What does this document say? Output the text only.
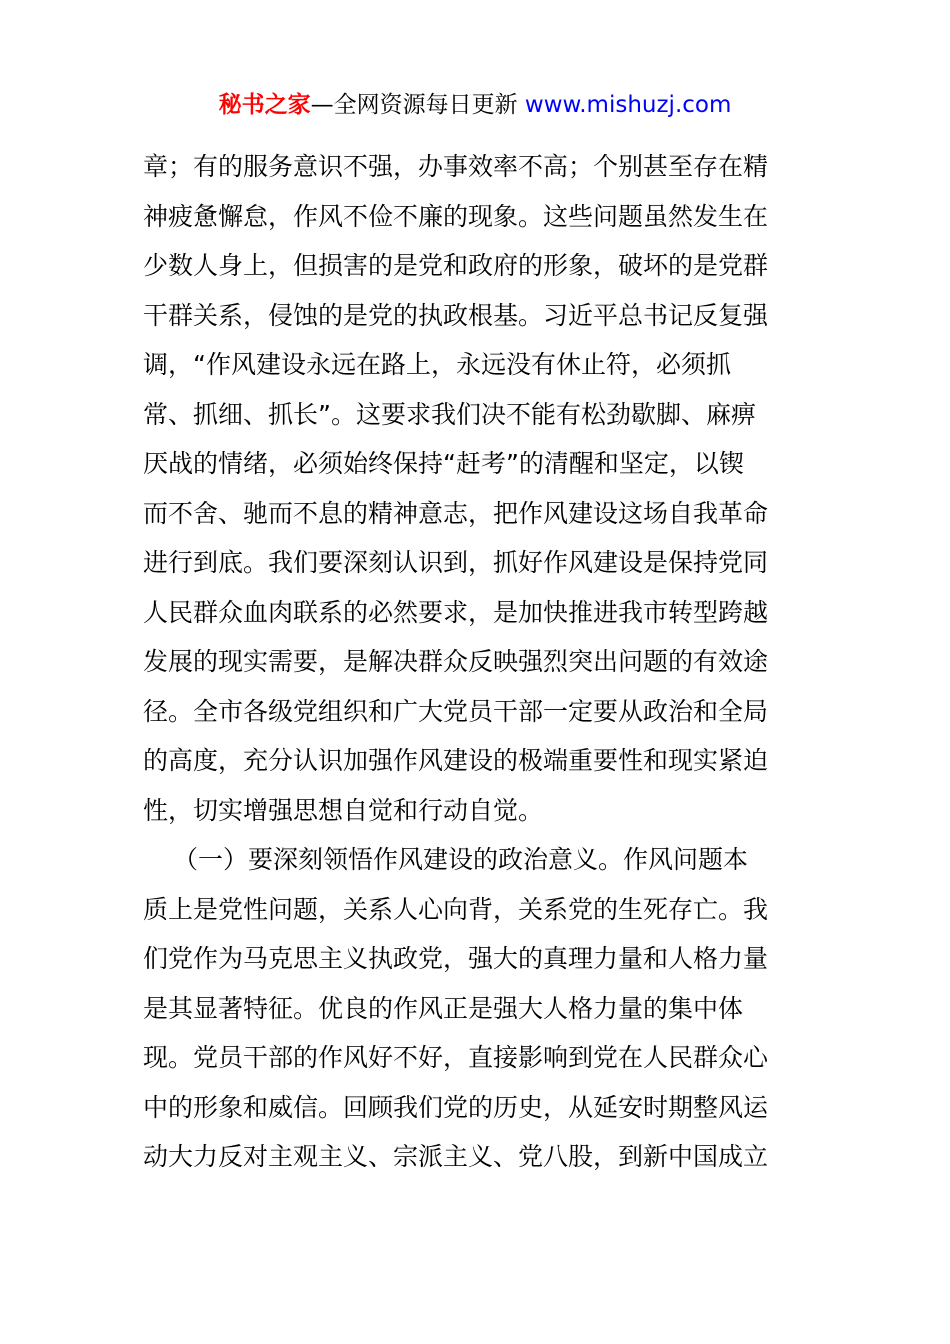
秘书之家—全网资源每日更新 www.mishuzj.com
章；有的服务意识不强，办事效率不高；个别甚至存在精
神疲惫懈怠，作风不俭不廉的现象。这些问题虽然发生在
少数人身上，但损害的是党和政府的形象，破坏的是党群
干群关系，侵蚀的是党的执政根基。习近平总书记反复强
调，“作风建设永远在路上，永远没有休止符，必须抓
常、抓细、抓长”。这要求我们决不能有松劲歇脚、麻痹
厌战的情绪，必须始终保持“赶考”的清醒和坚定，以锲
而不舍、驰而不息的精神意志，把作风建设这场自我革命
进行到底。我们要深刻认识到，抓好作风建设是保持党同
人民群众血肉联系的必然要求，是加快推进我市转型跨越
发展的现实需要，是解决群众反映强烈突出问题的有效途
径。全市各级党组织和广大党员干部一定要从政治和全局
的高度，充分认识加强作风建设的极端重要性和现实紧迫
性，切实增强思想自觉和行动自觉。
（一）要深刻领悟作风建设的政治意义。作风问题本
质上是党性问题，关系人心向背，关系党的生死存亡。我
们党作为马克思主义执政党，强大的真理力量和人格力量
是其显著特征。优良的作风正是强大人格力量的集中体
现。党员干部的作风好不好，直接影响到党在人民群众心
中的形象和威信。回顾我们党的历史，从延安时期整风运
动大力反对主观主义、宗派主义、党八股，到新中国成立
